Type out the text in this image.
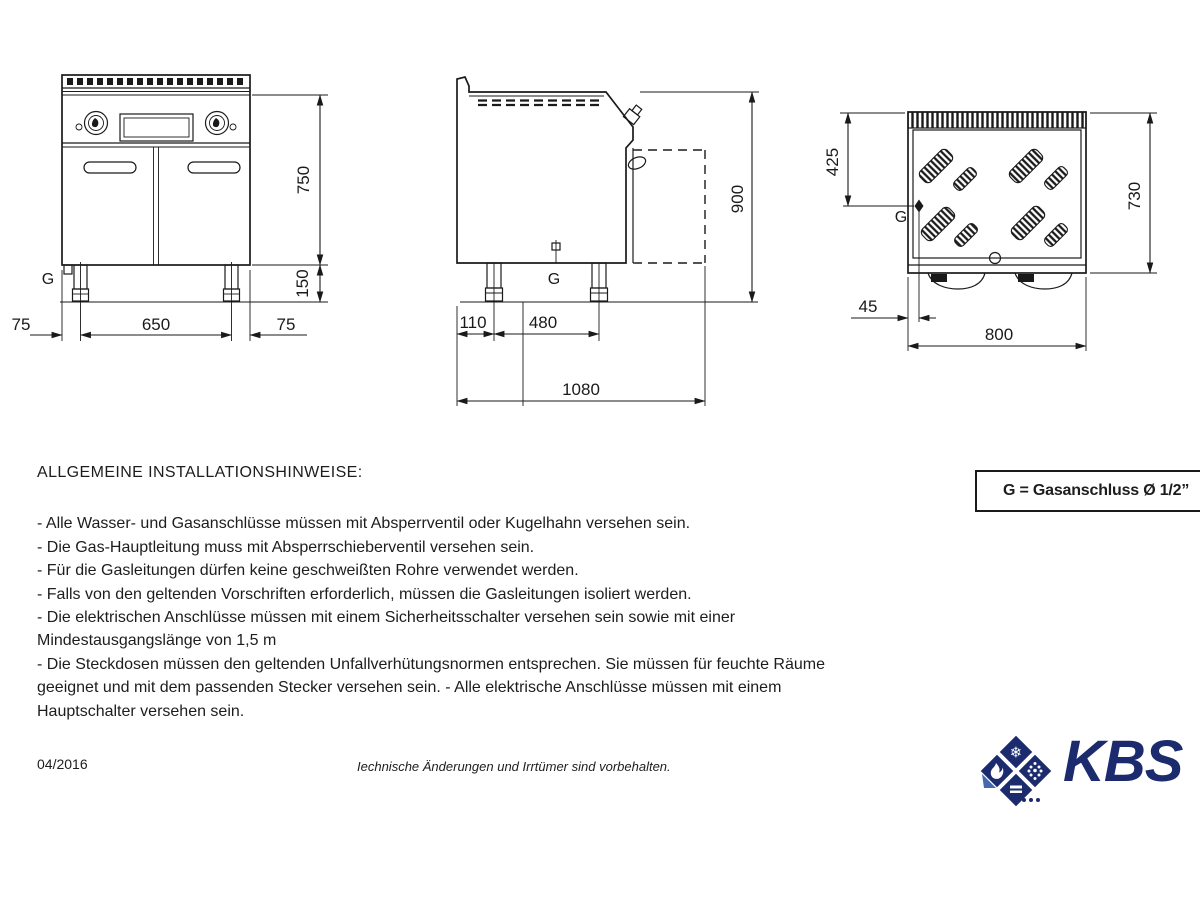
G
750
150
75	650	75
G
900
110 480
1080
G
425
730
45
800

ALLGEMEINE INSTALLATIONSHINWEISE:

- Alle Wasser- und Gasanschlüsse müssen mit Absperrventil oder Kugelhahn versehen sein.

- Die Gas-Hauptleitung muss mit Absperrschieberventil versehen sein.

- Für die Gasleitungen dürfen keine geschweißten Rohre verwendet werden.

- Falls von den geltenden Vorschriften erforderlich, müssen die Gasleitungen isoliert werden.

- Die elektrischen Anschlüsse müssen mit einem Sicherheitsschalter versehen sein sowie mit einer

Mindestausgangslänge von 1,5 m

- Die Steckdosen müssen den geltenden Unfallverhütungsnormen entsprechen. Sie müssen für feuchte Räume

geeignet und mit dem passenden Stecker versehen sein. - Alle elektrische Anschlüsse müssen mit einem

Hauptschalter versehen sein.

G = Gasanschluss Ø 1/2”
04/2016	Iechnische Änderungen und Irrtümer sind vorbehalten.
❄ KBS
